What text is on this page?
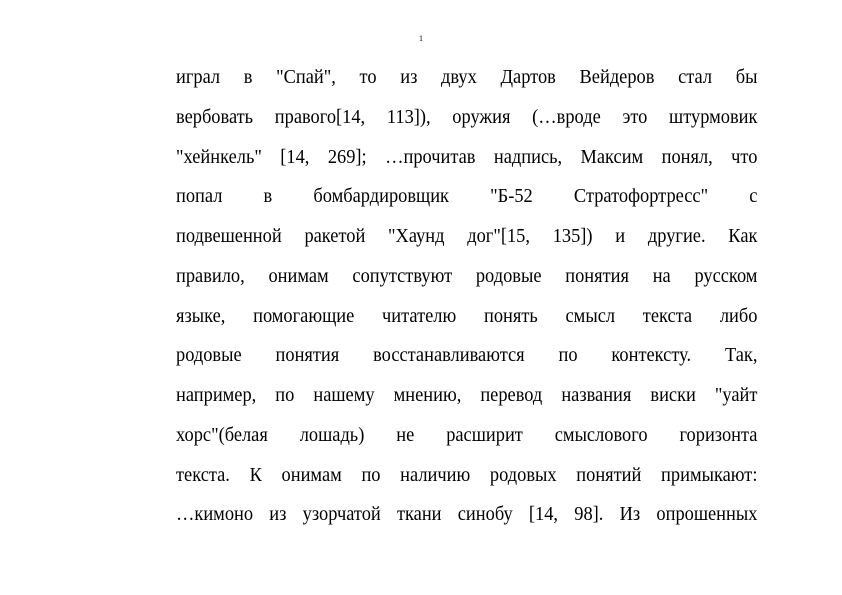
1
играл в "Спай", то из двух Дартов Вейдеров стал бы
вербовать правого[14, 113]), оружия (…вроде это штурмовик
"хейнкель" [14, 269]; …прочитав надпись, Максим понял, что
попал в бомбардировщик "Б-52 Стратофортресс" с
подвешенной ракетой "Хаунд дог"[15, 135]) и другие. Как
правило, онимам сопутствуют родовые понятия на русском
языке, помогающие читателю понять смысл текста либо
родовые понятия восстанавливаются по контексту. Так,
например, по нашему мнению, перевод названия виски "уайт
хорс"(белая лошадь) не расширит смыслового горизонта
текста. К онимам по наличию родовых понятий примыкают:
…кимоно из узорчатой ткани синобу [14, 98]. Из опрошенных
